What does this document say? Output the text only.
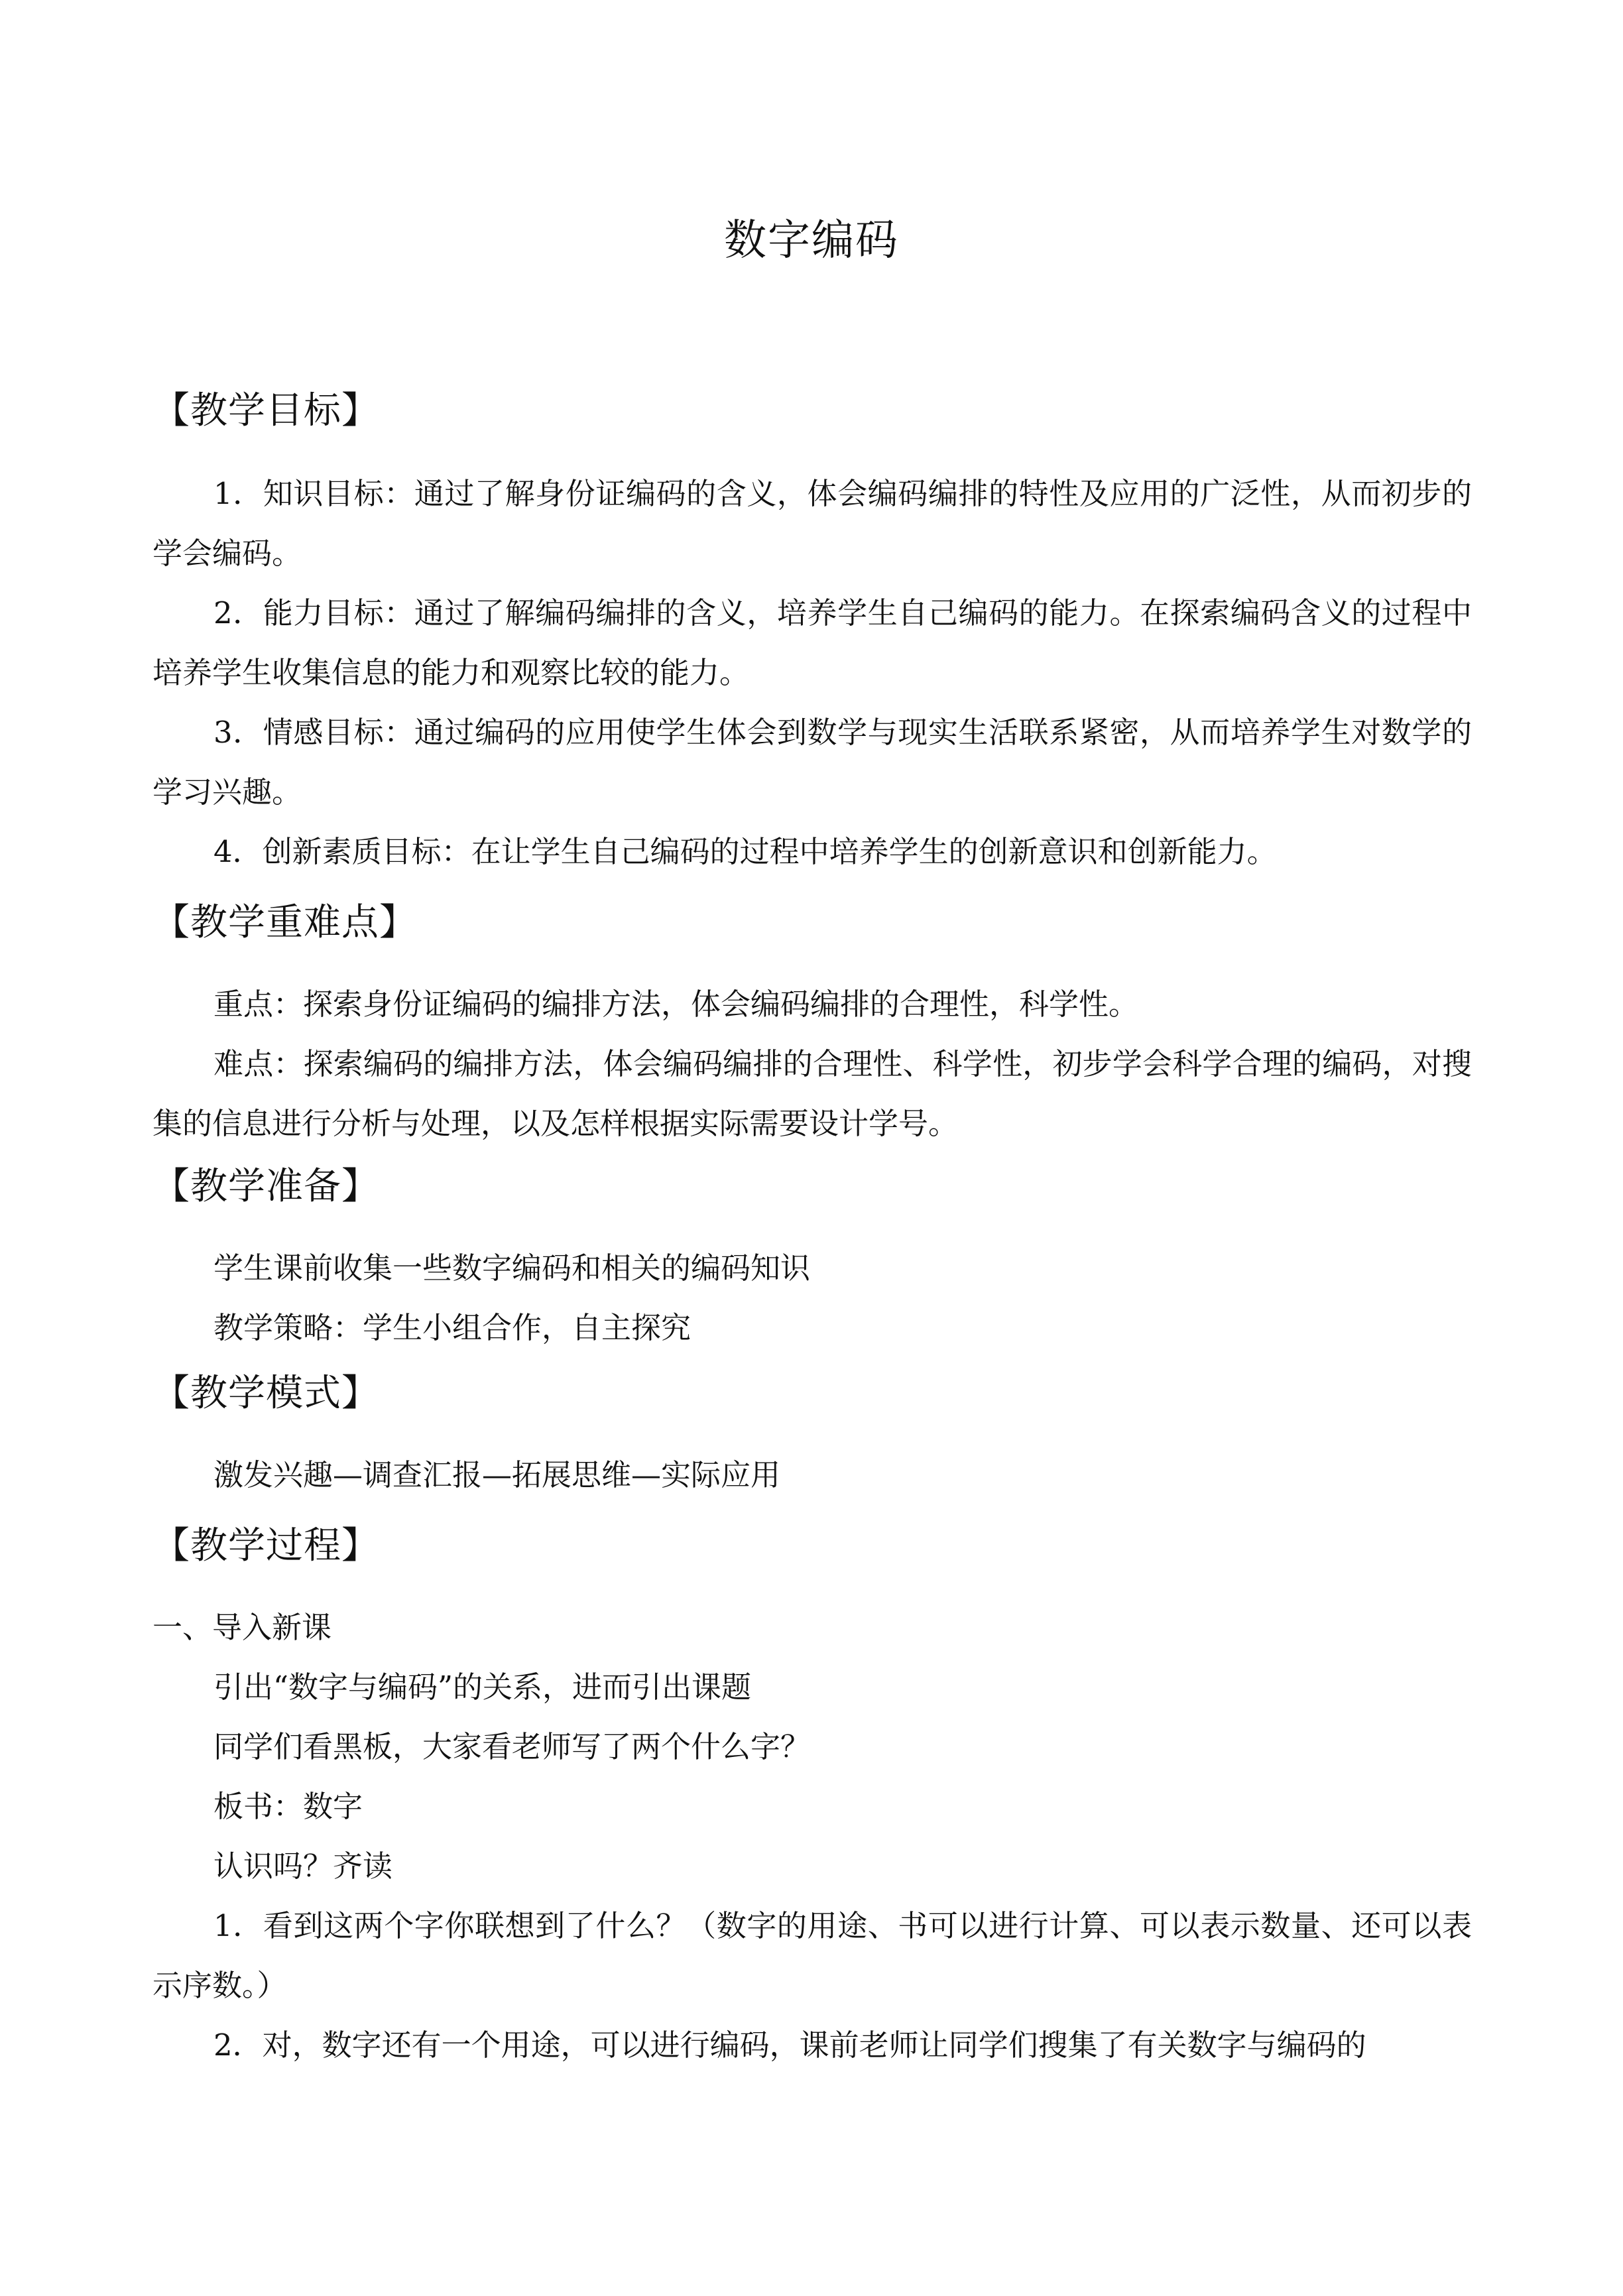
数字编码
【教学目标】
1．知识目标：通过了解身份证编码的含义，体会编码编排的特性及应用的广泛性，从而初步的学会编码。
2．能力目标：通过了解编码编排的含义，培养学生自己编码的能力。在探索编码含义的过程中培养学生收集信息的能力和观察比较的能力。
3．情感目标：通过编码的应用使学生体会到数学与现实生活联系紧密，从而培养学生对数学的学习兴趣。
4．创新素质目标：在让学生自己编码的过程中培养学生的创新意识和创新能力。
【教学重难点】
重点：探索身份证编码的编排方法，体会编码编排的合理性，科学性。
难点：探索编码的编排方法，体会编码编排的合理性、科学性，初步学会科学合理的编码，对搜集的信息进行分析与处理，以及怎样根据实际需要设计学号。
【教学准备】
学生课前收集一些数字编码和相关的编码知识
教学策略：学生小组合作，自主探究
【教学模式】
激发兴趣—调查汇报—拓展思维—实际应用
【教学过程】
一、导入新课
引出“数字与编码”的关系，进而引出课题
同学们看黑板，大家看老师写了两个什么字？
板书：数字
认识吗？齐读
1．看到这两个字你联想到了什么？（数字的用途、书可以进行计算、可以表示数量、还可以表示序数。）
2．对，数字还有一个用途，可以进行编码，课前老师让同学们搜集了有关数字与编码的
